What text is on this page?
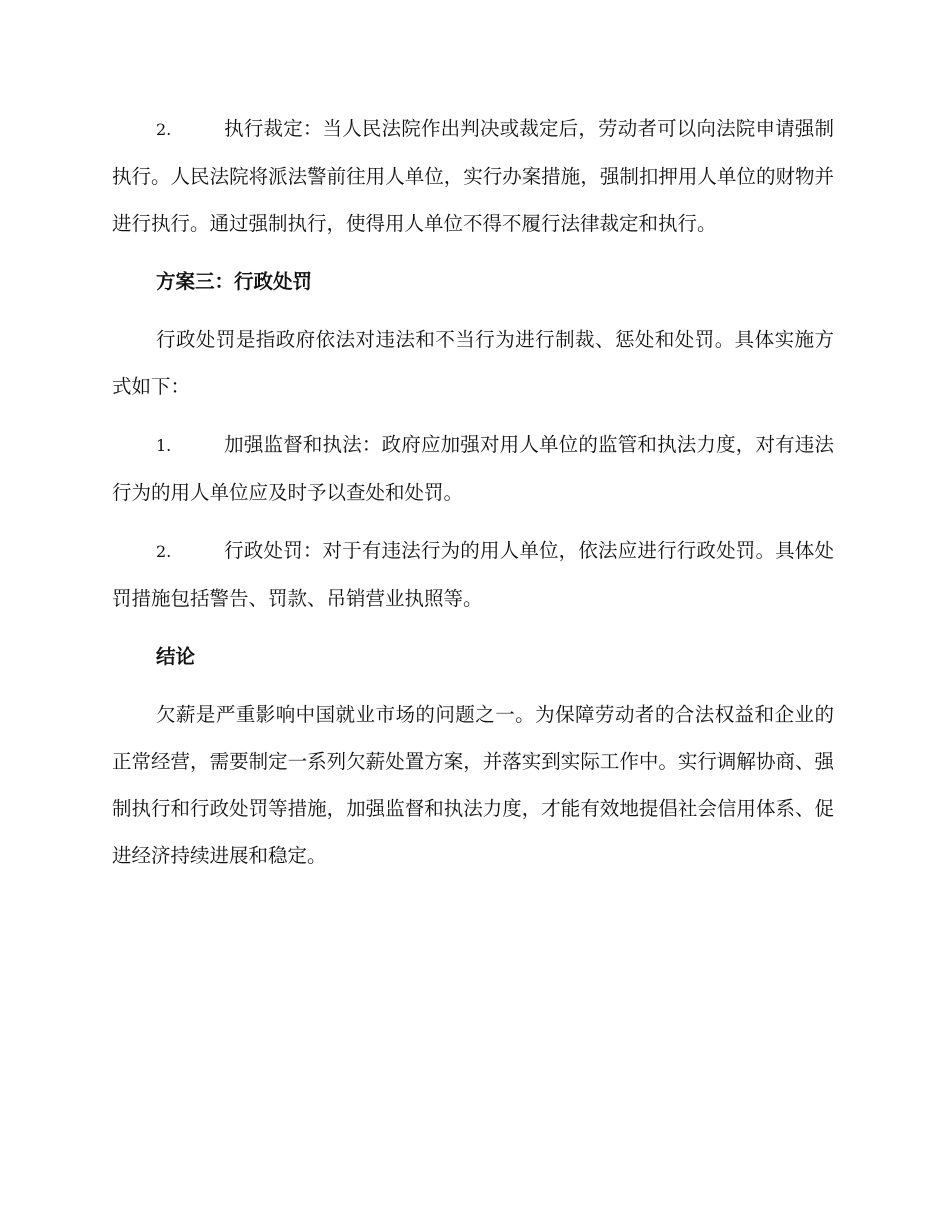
2.	执行裁定：当人民法院作出判决或裁定后，劳动者可以向法院申请强制执行。人民法院将派法警前往用人单位，实行办案措施，强制扣押用人单位的财物并进行执行。通过强制执行，使得用人单位不得不履行法律裁定和执行。

方案三：行政处罚

行政处罚是指政府依法对违法和不当行为进行制裁、惩处和处罚。具体实施方式如下：

1.	加强监督和执法：政府应加强对用人单位的监管和执法力度，对有违法行为的用人单位应及时予以查处和处罚。

2.	行政处罚：对于有违法行为的用人单位，依法应进行行政处罚。具体处罚措施包括警告、罚款、吊销营业执照等。

结论

欠薪是严重影响中国就业市场的问题之一。为保障劳动者的合法权益和企业的正常经营，需要制定一系列欠薪处置方案，并落实到实际工作中。实行调解协商、强制执行和行政处罚等措施，加强监督和执法力度，才能有效地提倡社会信用体系、促进经济持续进展和稳定。
